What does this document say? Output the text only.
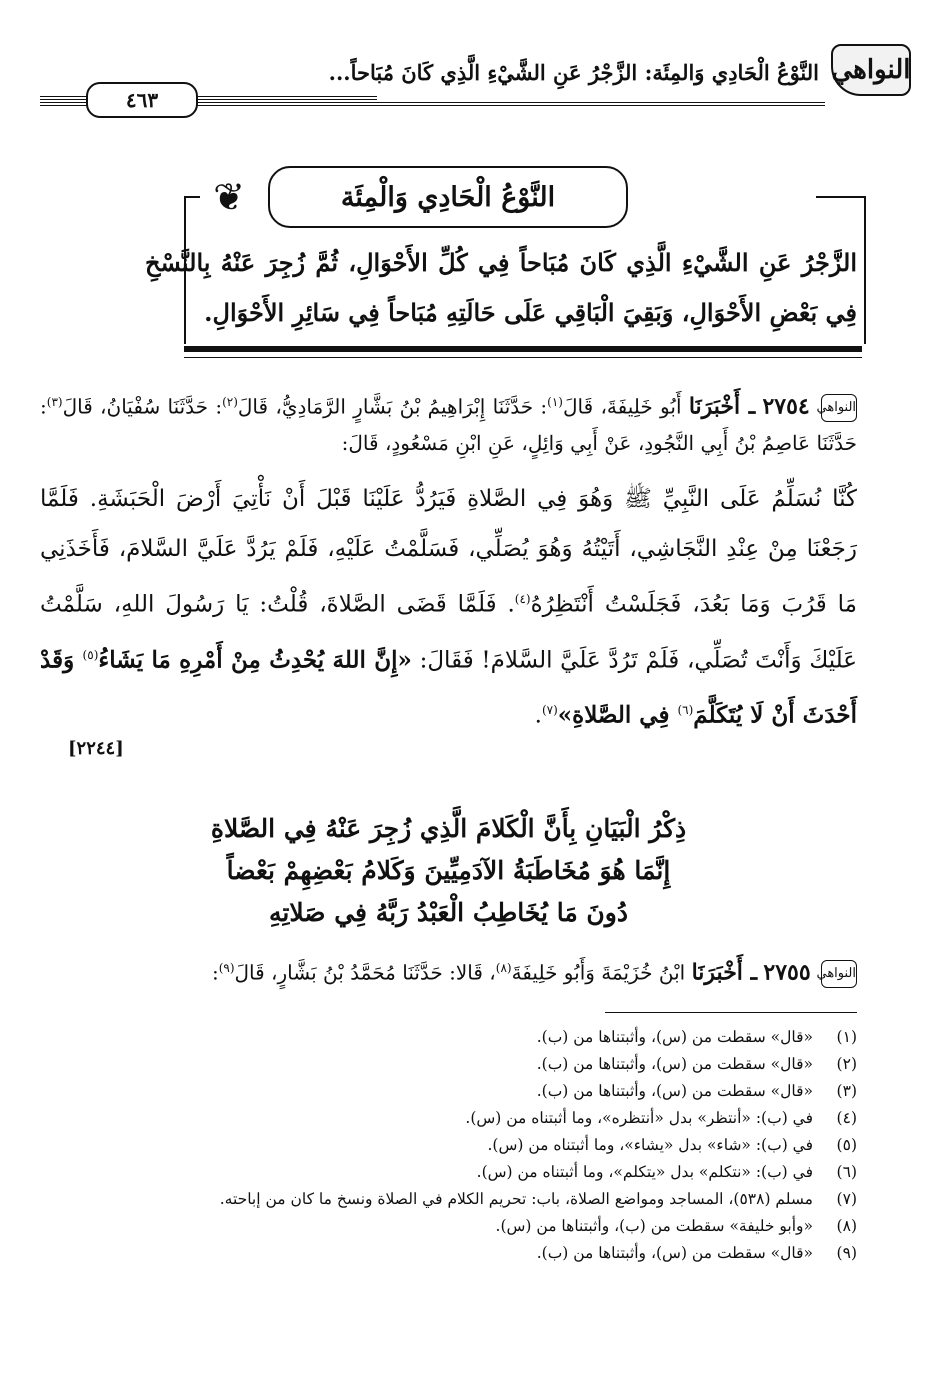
النواهي
النَّوْعُ الْحَادِي وَالمِئَة: الزَّجْرُ عَنِ الشَّيْءِ الَّذِي كَانَ مُبَاحاً...
٤٦٣
❦	النَّوْعُ الْحَادِي وَالْمِئَة
الزَّجْرُ عَنِ الشَّيْءِ الَّذِي كَانَ مُبَاحاً فِي كُلِّ الأَحْوَالِ، ثُمَّ زُجِرَ عَنْهُ بِالنَّسْخِ فِي بَعْضِ الأَحْوَالِ، وَبَقِيَ الْبَاقِي عَلَى حَالَتِهِ مُبَاحاً فِي سَائِرِ الأَحْوَالِ.
النواهي ٢٧٥٤ ـ أَخْبَرَنَا أَبُو خَلِيفَةَ، قَالَ$^{(١)}$: حَدَّثَنَا إِبْرَاهِيمُ بْنُ بَشَّارٍ الرَّمَادِيُّ، قَالَ$^{(٢)}$: حَدَّثَنَا سُفْيَانُ، قَالَ$^{(٣)}$: حَدَّثَنَا عَاصِمُ بْنُ أَبِي النَّجُودِ، عَنْ أَبِي وَائِلٍ، عَنِ ابْنِ مَسْعُودٍ، قَالَ:
كُنَّا نُسَلِّمُ عَلَى النَّبِيِّ ﷺ وَهُوَ فِي الصَّلاةِ فَيَرُدُّ عَلَيْنَا قَبْلَ أَنْ نَأْتِيَ أَرْضَ الْحَبَشَةِ. فَلَمَّا رَجَعْنَا مِنْ عِنْدِ النَّجَاشِي، أَتَيْتُهُ وَهُوَ يُصَلِّي، فَسَلَّمْتُ عَلَيْهِ، فَلَمْ يَرُدَّ عَلَيَّ السَّلامَ، فَأَخَذَنِي مَا قَرُبَ وَمَا بَعُدَ، فَجَلَسْتُ أَنْتَظِرُهُ$^{(٤)}$. فَلَمَّا قَضَى الصَّلاةَ، قُلْتُ: يَا رَسُولَ اللهِ، سَلَّمْتُ عَلَيْكَ وَأَنْتَ تُصَلِّي، فَلَمْ تَرُدَّ عَلَيَّ السَّلامَ! فَقَالَ: «إِنَّ اللهَ يُحْدِثُ مِنْ أَمْرِهِ مَا يَشَاءُ$^{(٥)}$ وَقَدْ أَحْدَثَ أَنْ لَا يُتَكَلَّمَ$^{(٦)}$ فِي الصَّلاةِ»$^{(٧)}$.
[٢٢٤٤]
ذِكْرُ الْبَيَانِ بِأَنَّ الْكَلامَ الَّذِي زُجِرَ عَنْهُ فِي الصَّلاةِ
إِنَّمَا هُوَ مُخَاطَبَةُ الآدَمِيِّينَ وَكَلامُ بَعْضِهِمْ بَعْضاً
دُونَ مَا يُخَاطِبُ الْعَبْدُ رَبَّهُ فِي صَلاتِهِ
النواهي ٢٧٥٥ ـ أَخْبَرَنَا ابْنُ خُزَيْمَةَ وَأَبُو خَلِيفَةَ$^{(٨)}$، قَالا: حَدَّثَنَا مُحَمَّدُ بْنُ بَشَّارٍ، قَالَ$^{(٩)}$:
(١)
«قال» سقطت من (س)، وأثبتناها من (ب).
(٢)
«قال» سقطت من (س)، وأثبتناها من (ب).
(٣)
«قال» سقطت من (س)، وأثبتناها من (ب).
(٤)
في (ب): «أنتظر» بدل «أنتظره»، وما أثبتناه من (س).
(٥)
في (ب): «شاء» بدل «يشاء»، وما أثبتناه من (س).
(٦)
في (ب): «نتكلم» بدل «يتكلم»، وما أثبتناه من (س).
(٧)
مسلم (٥٣٨)، المساجد ومواضع الصلاة، باب: تحريم الكلام في الصلاة ونسخ ما كان من إباحته.
(٨)
«وأبو خليفة» سقطت من (ب)، وأثبتناها من (س).
(٩)
«قال» سقطت من (س)، وأثبتناها من (ب).
